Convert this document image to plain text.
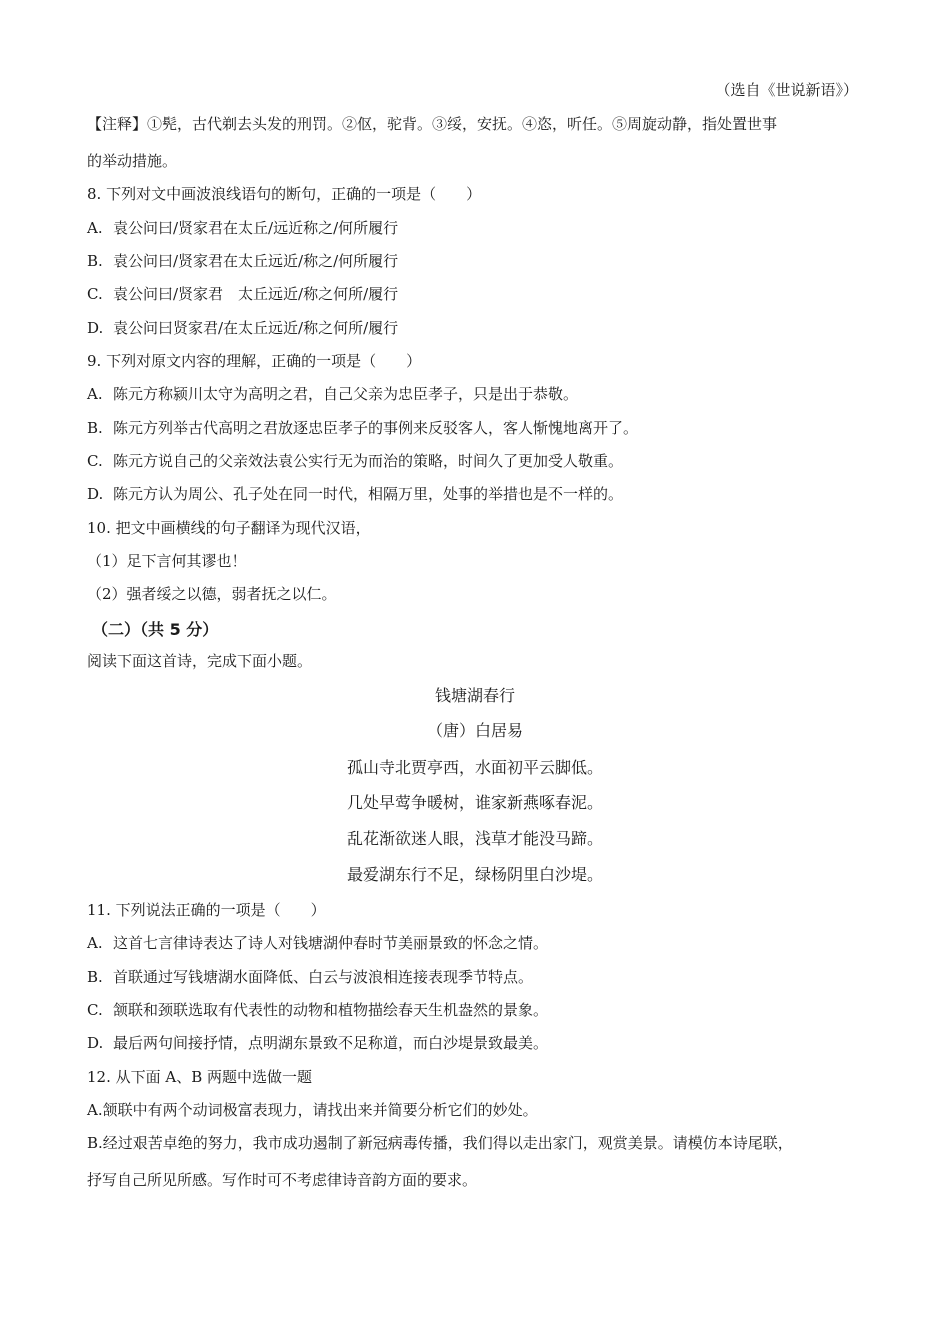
（选自《世说新语》）
【注释】①髡，古代剃去头发的刑罚。②伛，驼背。③绥，安抚。④恣，听任。⑤周旋动静，指处置世事
的举动措施。
8. 下列对文中画波浪线语句的断句，正确的一项是（　　）
A. 袁公问曰/贤家君在太丘/远近称之/何所履行
B. 袁公问曰/贤家君在太丘远近/称之/何所履行
C. 袁公问曰/贤家君　太丘远近/称之何所/履行
D. 袁公问曰贤家君/在太丘远近/称之何所/履行
9. 下列对原文内容的理解，正确的一项是（　　）
A. 陈元方称颍川太守为高明之君，自己父亲为忠臣孝子，只是出于恭敬。
B. 陈元方列举古代高明之君放逐忠臣孝子的事例来反驳客人，客人惭愧地离开了。
C. 陈元方说自己的父亲效法袁公实行无为而治的策略，时间久了更加受人敬重。
D. 陈元方认为周公、孔子处在同一时代，相隔万里，处事的举措也是不一样的。
10. 把文中画横线的句子翻译为现代汉语，
（1）足下言何其谬也！
（2）强者绥之以德，弱者抚之以仁。
（二）（共 5 分）
阅读下面这首诗，完成下面小题。
钱塘湖春行
（唐）白居易
孤山寺北贾亭西，水面初平云脚低。
几处早莺争暖树，谁家新燕啄春泥。
乱花渐欲迷人眼，浅草才能没马蹄。
最爱湖东行不足，绿杨阴里白沙堤。
11. 下列说法正确的一项是（　　）
A. 这首七言律诗表达了诗人对钱塘湖仲春时节美丽景致的怀念之情。
B. 首联通过写钱塘湖水面降低、白云与波浪相连接表现季节特点。
C. 颔联和颈联选取有代表性的动物和植物描绘春天生机盎然的景象。
D. 最后两句间接抒情，点明湖东景致不足称道，而白沙堤景致最美。
12. 从下面 A、B 两题中选做一题
A.颔联中有两个动词极富表现力，请找出来并简要分析它们的妙处。
B.经过艰苦卓绝的努力，我市成功遏制了新冠病毒传播，我们得以走出家门，观赏美景。请模仿本诗尾联，
抒写自己所见所感。写作时可不考虑律诗音韵方面的要求。
